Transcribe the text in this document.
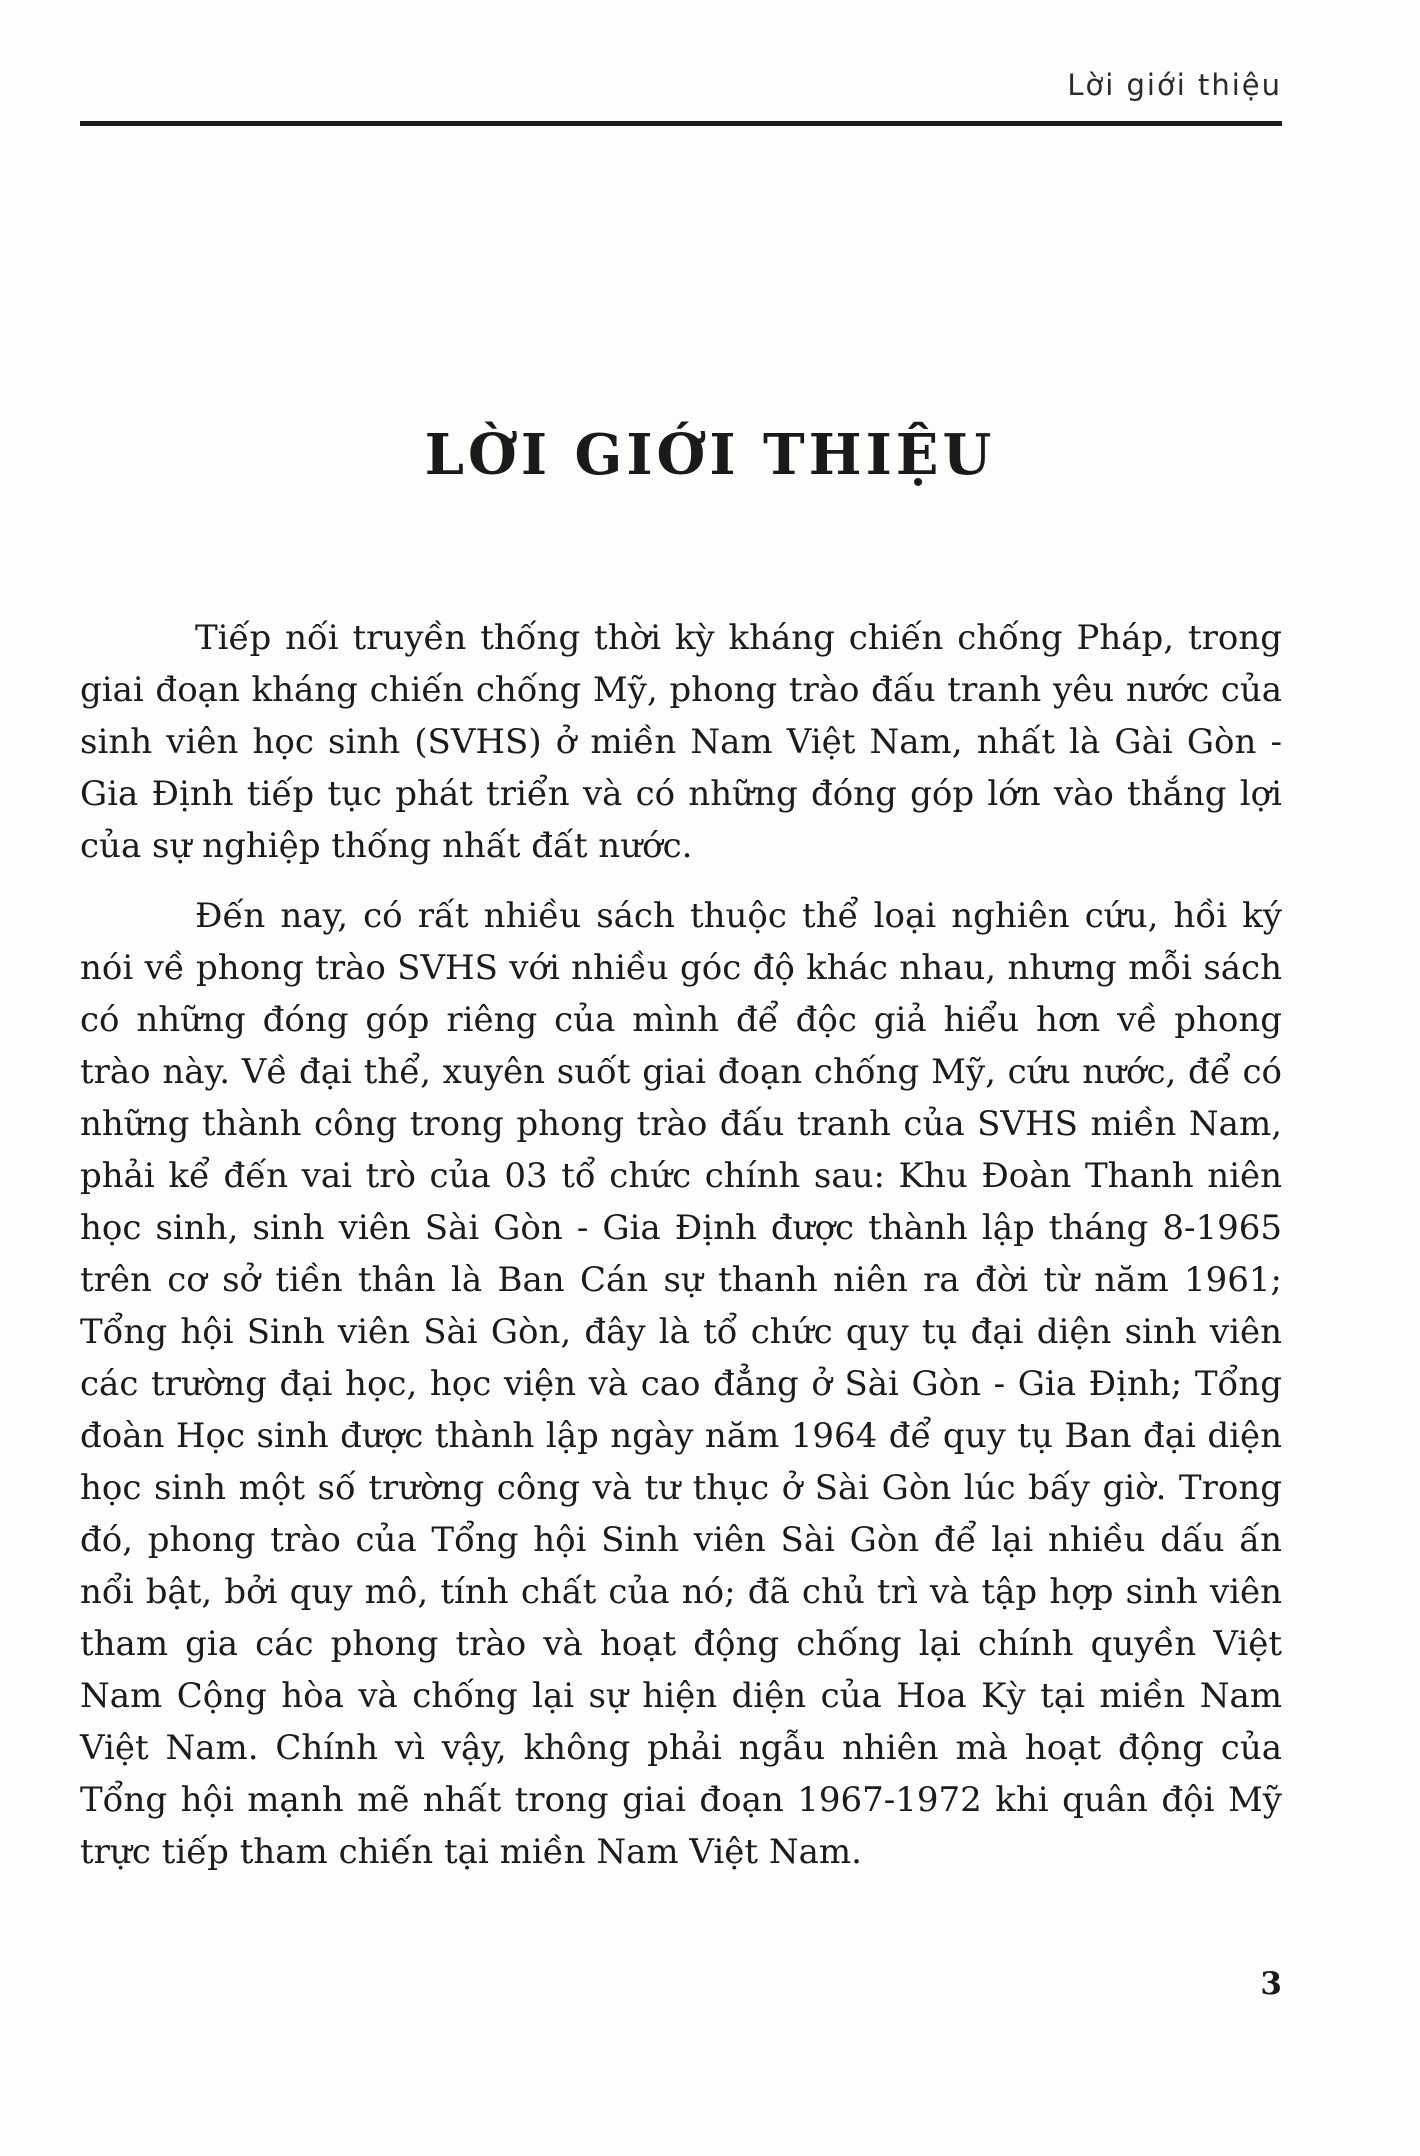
Lời giới thiệu
LỜI GIỚI THIỆU

Tiếp nối truyền thống thời kỳ kháng chiến chống Pháp, trong giai đoạn kháng chiến chống Mỹ, phong trào đấu tranh yêu nước của sinh viên học sinh (SVHS) ở miền Nam Việt Nam, nhất là Gài Gòn - Gia Định tiếp tục phát triển và có những đóng góp lớn vào thắng lợi của sự nghiệp thống nhất đất nước.

Đến nay, có rất nhiều sách thuộc thể loại nghiên cứu, hồi ký nói về phong trào SVHS với nhiều góc độ khác nhau, nhưng mỗi sách có những đóng góp riêng của mình để độc giả hiểu hơn về phong trào này. Về đại thể, xuyên suốt giai đoạn chống Mỹ, cứu nước, để có những thành công trong phong trào đấu tranh của SVHS miền Nam, phải kể đến vai trò của 03 tổ chức chính sau: Khu Đoàn Thanh niên học sinh, sinh viên Sài Gòn - Gia Định được thành lập tháng 8-1965 trên cơ sở tiền thân là Ban Cán sự thanh niên ra đời từ năm 1961; Tổng hội Sinh viên Sài Gòn, đây là tổ chức quy tụ đại diện sinh viên các trường đại học, học viện và cao đẳng ở Sài Gòn - Gia Định; Tổng đoàn Học sinh được thành lập ngày năm 1964 để quy tụ Ban đại diện học sinh một số trường công và tư thục ở Sài Gòn lúc bấy giờ. Trong đó, phong trào của Tổng hội Sinh viên Sài Gòn để lại nhiều dấu ấn nổi bật, bởi quy mô, tính chất của nó; đã chủ trì và tập hợp sinh viên tham gia các phong trào và hoạt động chống lại chính quyền Việt Nam Cộng hòa và chống lại sự hiện diện của Hoa Kỳ tại miền Nam Việt Nam. Chính vì vậy, không phải ngẫu nhiên mà hoạt động của Tổng hội mạnh mẽ nhất trong giai đoạn 1967-1972 khi quân đội Mỹ trực tiếp tham chiến tại miền Nam Việt Nam.

3
